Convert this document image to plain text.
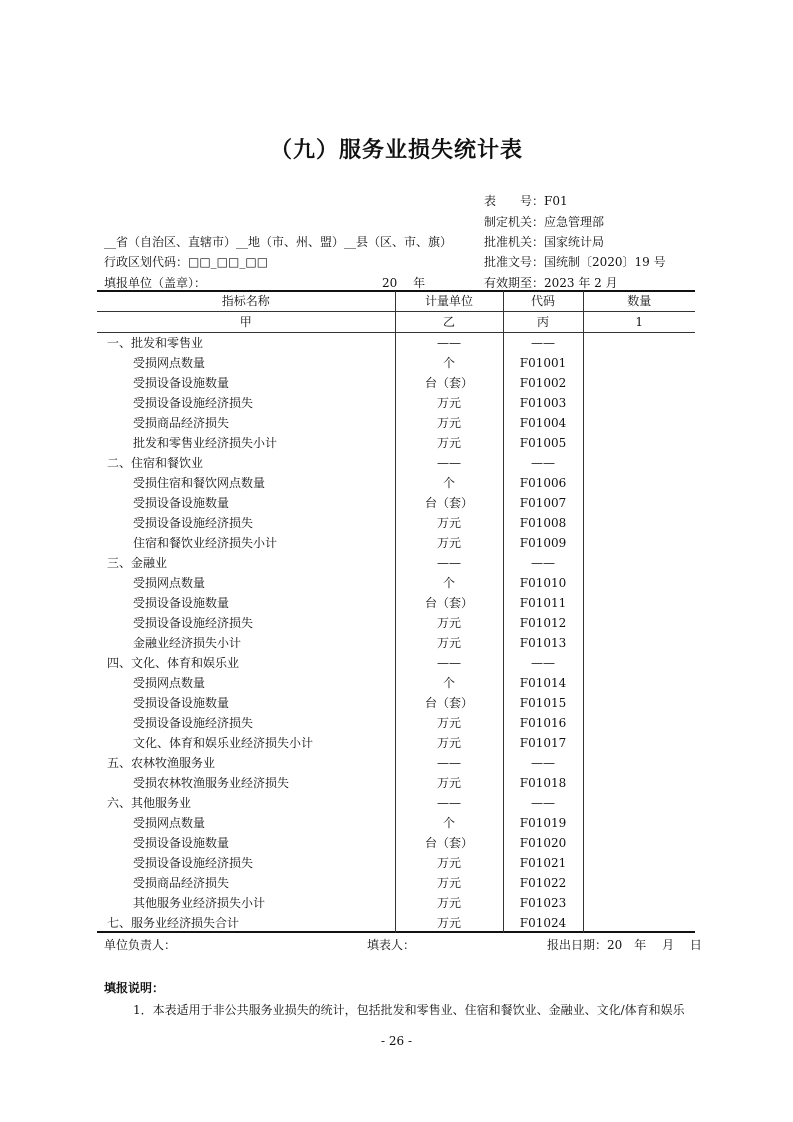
（九）服务业损失统计表
表　　号：F01
制定机关：应急管理部
批准机关：国家统计局
批准文号：国统制〔2020〕19 号
有效期至：2023 年 2 月
__省（自治区、直辖市）__地（市、州、盟）__县（区、市、旗）
行政区划代码：□□_□□_□□
填报单位（盖章）：	20　 年
指标名称	计量单位	代码	数量
甲	乙	丙	1
一、批发和零售业	——	——	
受损网点数量	个	F01001	
受损设备设施数量	台（套）	F01002	
受损设备设施经济损失	万元	F01003	
受损商品经济损失	万元	F01004	
批发和零售业经济损失小计	万元	F01005	
二、住宿和餐饮业	——	——	
受损住宿和餐饮网点数量	个	F01006	
受损设备设施数量	台（套）	F01007	
受损设备设施经济损失	万元	F01008	
住宿和餐饮业经济损失小计	万元	F01009	
三、金融业	——	——	
受损网点数量	个	F01010	
受损设备设施数量	台（套）	F01011	
受损设备设施经济损失	万元	F01012	
金融业经济损失小计	万元	F01013	
四、文化、体育和娱乐业	——	——	
受损网点数量	个	F01014	
受损设备设施数量	台（套）	F01015	
受损设备设施经济损失	万元	F01016	
文化、体育和娱乐业经济损失小计	万元	F01017	
五、农林牧渔服务业	——	——	
受损农林牧渔服务业经济损失	万元	F01018	
六、其他服务业	——	——	
受损网点数量	个	F01019	
受损设备设施数量	台（套）	F01020	
受损设备设施经济损失	万元	F01021	
受损商品经济损失	万元	F01022	
其他服务业经济损失小计	万元	F01023	
七、服务业经济损失合计	万元	F01024	
单位负责人：	填表人：	报出日期：20　年　 月　 日
填报说明：
1．本表适用于非公共服务业损失的统计，包括批发和零售业、住宿和餐饮业、金融业、文化/体育和娱乐
- 26 -
